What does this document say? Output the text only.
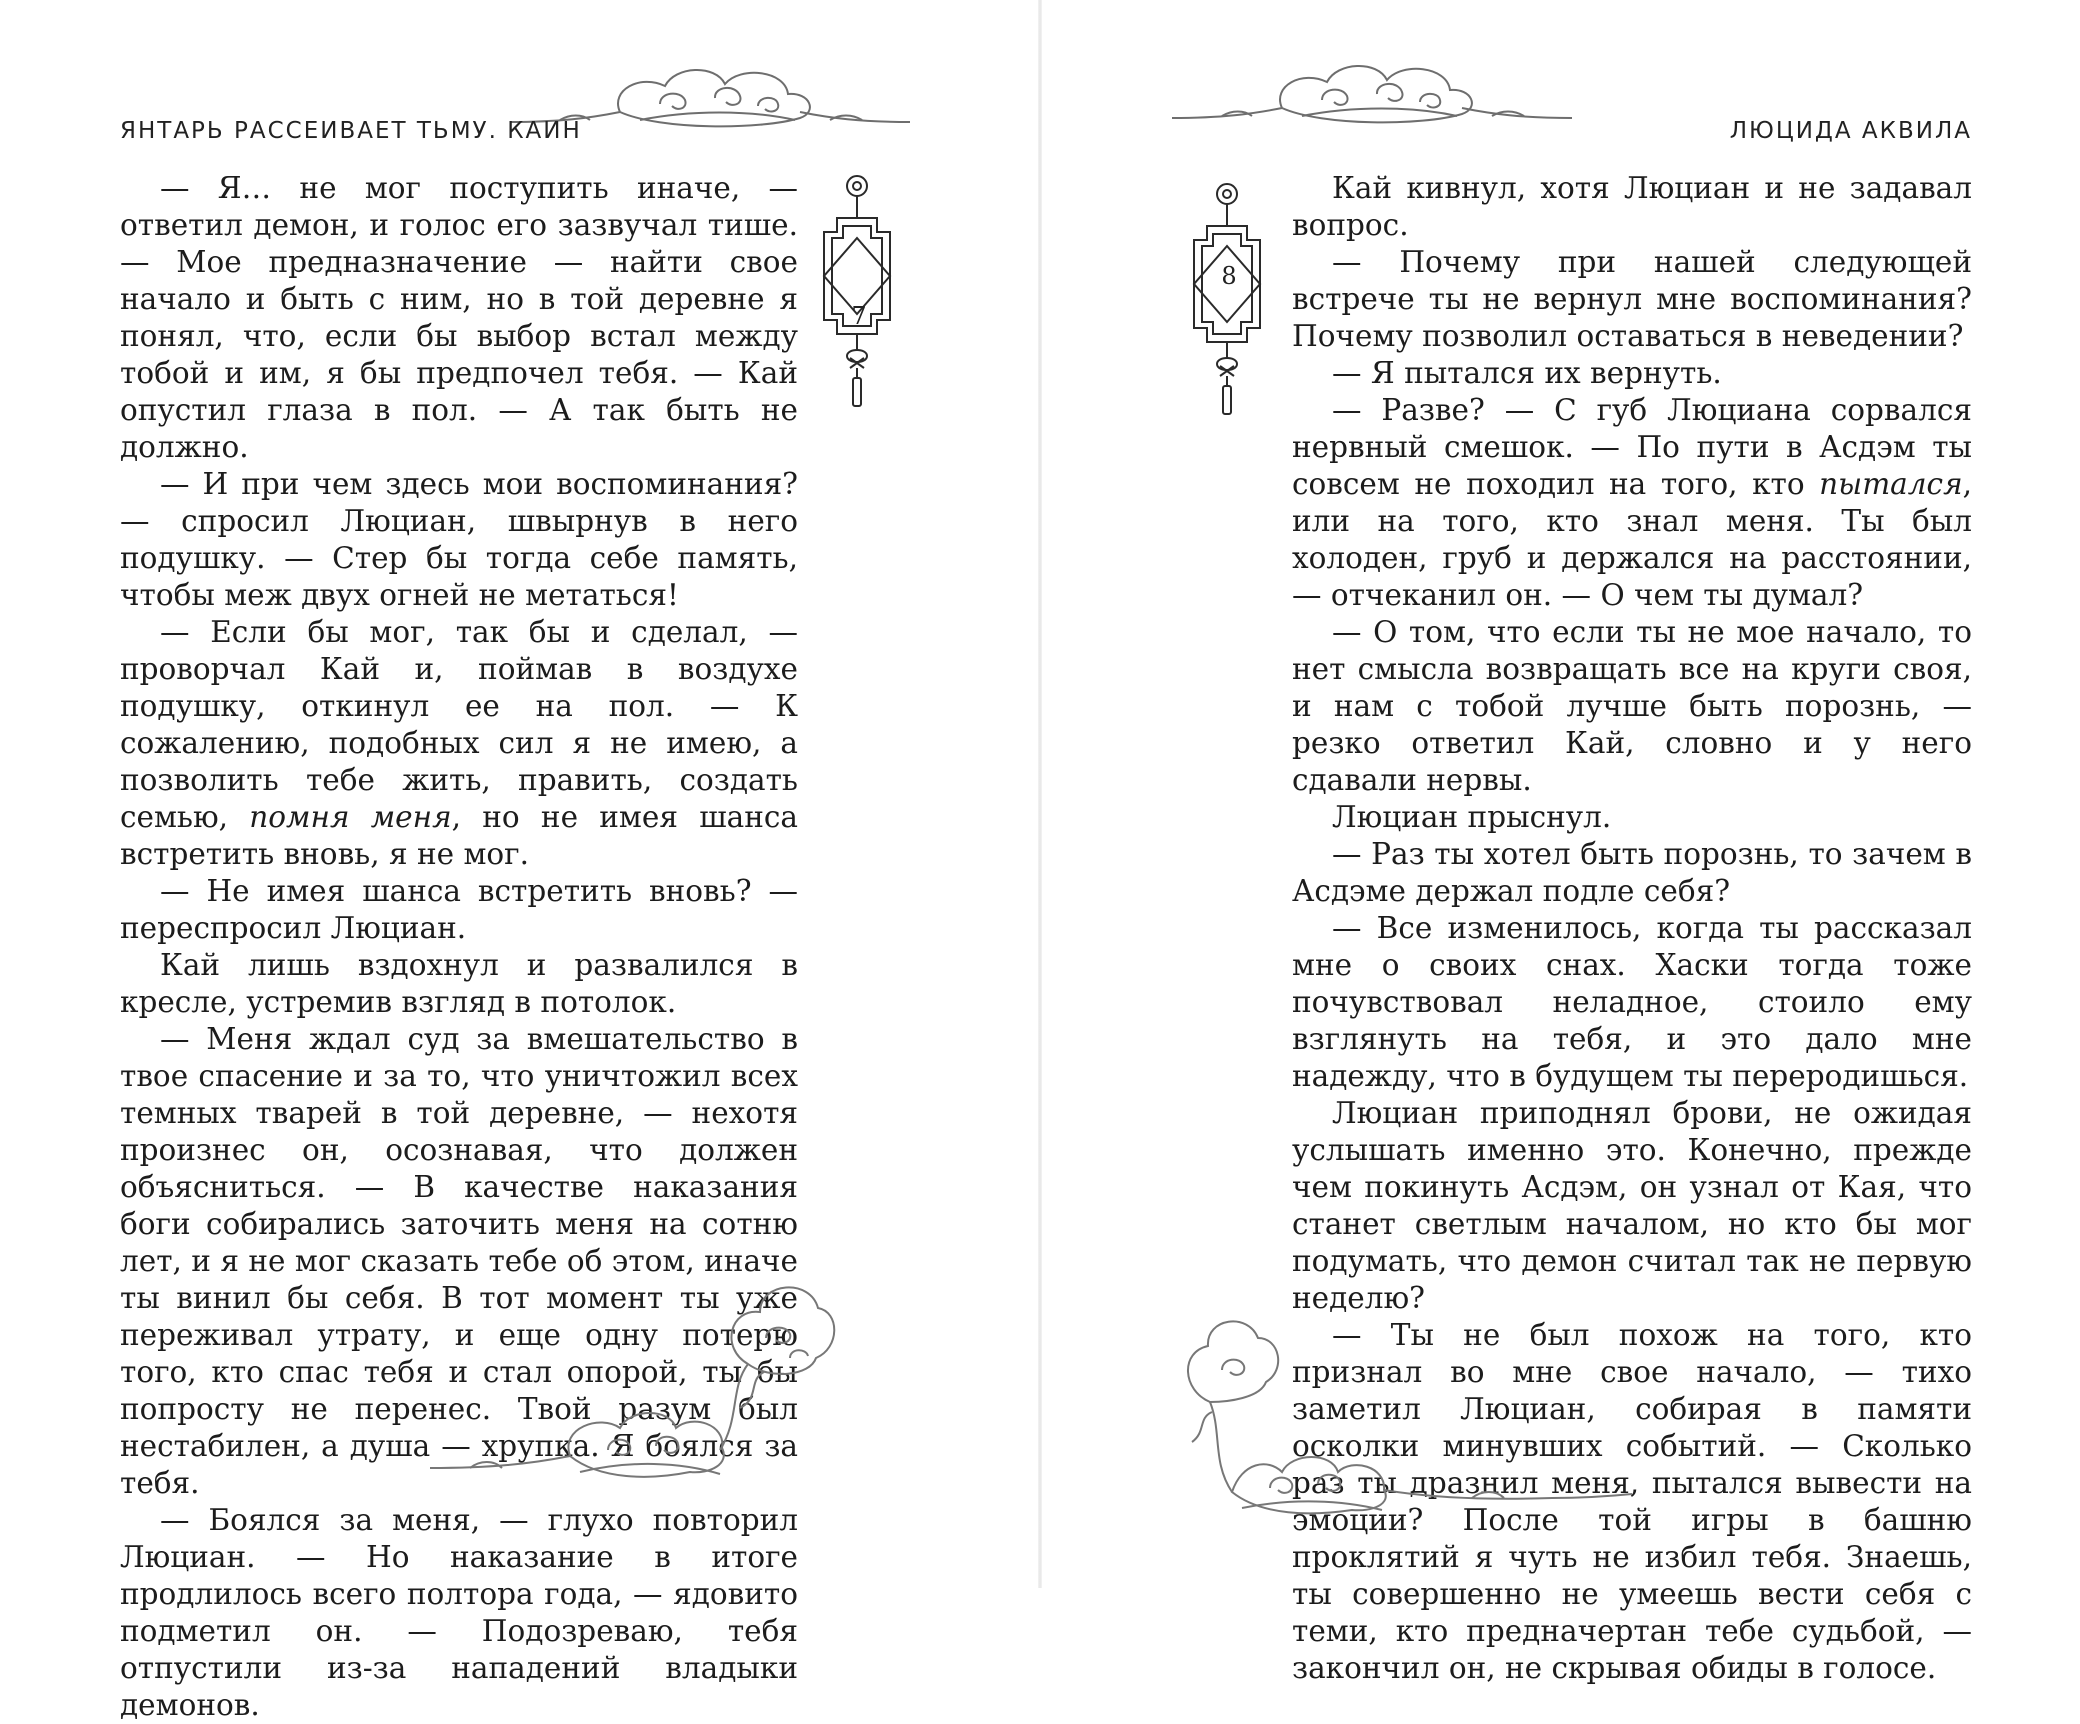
ЯНТАРЬ РАССЕИВАЕТ ТЬМУ. КАИН
7

— Я… не мог поступить иначе, — ответил демон, и голос его зазвучал тише. — Мое предназначение — найти свое начало и быть с ним, но в той деревне я понял, что, если бы выбор встал между тобой и им, я бы предпочел тебя. — Кай опустил глаза в пол. — А так быть не должно.

— И при чем здесь мои воспоминания? — спросил Люциан, швырнув в него подушку. — Стер бы тогда себе память, чтобы меж двух огней не метаться!

— Если бы мог, так бы и сделал, — проворчал Кай и, поймав в воздухе подушку, откинул ее на пол. — К сожалению, подобных сил я не имею, а позволить тебе жить, править, создать семью, помня меня, но не имея шанса встретить вновь, я не мог.

— Не имея шанса встретить вновь? — переспросил Люциан.

Кай лишь вздохнул и развалился в кресле, устремив взгляд в потолок.

— Меня ждал суд за вмешательство в твое спасение и за то, что уничтожил всех темных тварей в той деревне, — нехотя произнес он, осознавая, что должен объясниться. — В качестве наказания боги собирались заточить меня на сотню лет, и я не мог сказать тебе об этом, иначе ты винил бы себя. В тот момент ты уже переживал утрату, и еще одну потерю того, кто спас тебя и стал опорой, ты бы попросту не перенес. Твой разум был нестабилен, а душа — хрупка. Я боялся за тебя.

— Боялся за меня, — глухо повторил Люциан. — Но наказание в итоге продлилось всего полтора года, — ядовито подметил он. — Подозреваю, тебя отпустили из-за нападений владыки демонов.

ЛЮЦИДА АКВИЛА
8

Кай кивнул, хотя Люциан и не задавал вопрос.

— Почему при нашей следующей встрече ты не вернул мне воспоминания? Почему позволил оставаться в неведении?

— Я пытался их вернуть.

— Разве? — С губ Люциана сорвался нервный смешок. — По пути в Асдэм ты совсем не походил на того, кто пытался, или на того, кто знал меня. Ты был холоден, груб и держался на расстоянии, — отчеканил он. — О чем ты думал?

— О том, что если ты не мое начало, то нет смысла возвращать все на круги своя, и нам с тобой лучше быть порознь, — резко ответил Кай, словно и у него сдавали нервы.

Люциан прыснул.

— Раз ты хотел быть порознь, то зачем в Асдэме держал подле себя?

— Все изменилось, когда ты рассказал мне о своих снах. Хаски тогда тоже почувствовал неладное, стоило ему взглянуть на тебя, и это дало мне надежду, что в будущем ты переродишься.

Люциан приподнял брови, не ожидая услышать именно это. Конечно, прежде чем покинуть Асдэм, он узнал от Кая, что станет светлым началом, но кто бы мог подумать, что демон считал так не первую неделю?

— Ты не был похож на того, кто признал во мне свое начало, — тихо заметил Люциан, собирая в памяти осколки минувших событий. — Сколько раз ты дразнил меня, пытался вывести на эмоции? После той игры в башню проклятий я чуть не избил тебя. Знаешь, ты совершенно не умеешь вести себя с теми, кто предначертан тебе судьбой, — закончил он, не скрывая обиды в голосе.
